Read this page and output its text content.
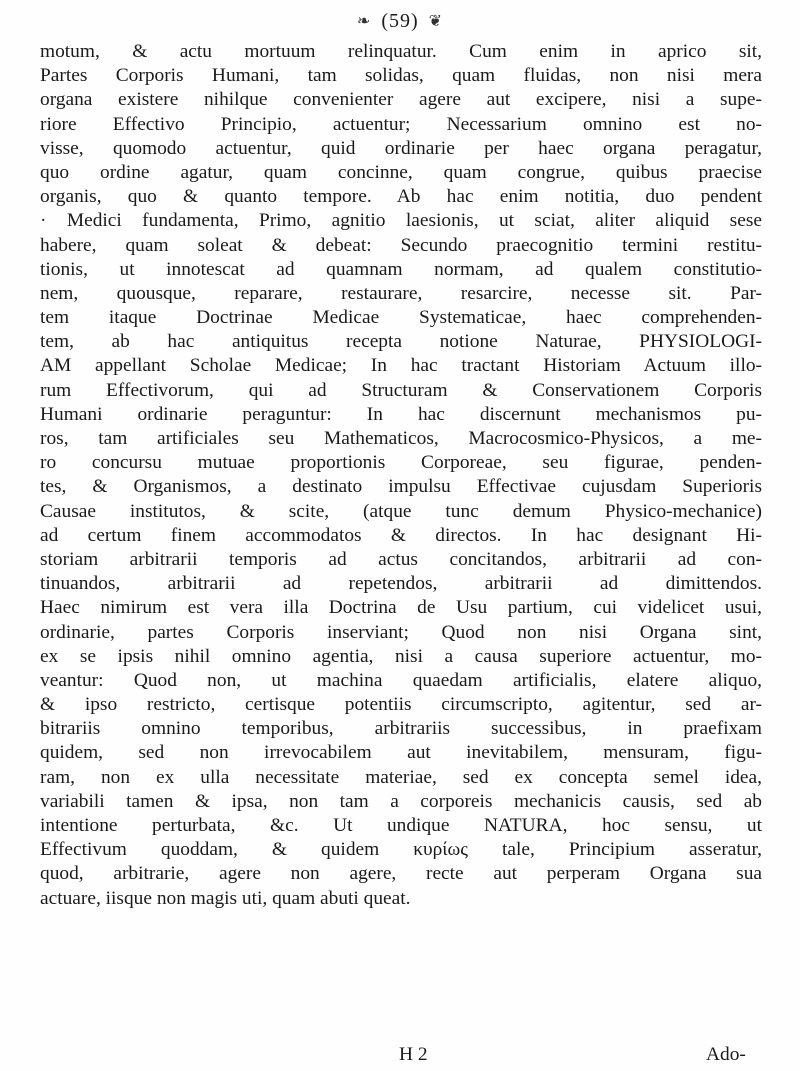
❧ (59) ❦
motum, & actu mortuum relinquatur. Cum enim in aprico sit,
Partes Corporis Humani, tam solidas, quam fluidas, non nisi mera
organa existere nihilque convenienter agere aut excipere, nisi a supe-
riore Effectivo Principio, actuentur; Necessarium omnino est no-
visse, quomodo actuentur, quid ordinarie per haec organa peragatur,
quo ordine agatur, quam concinne, quam congrue, quibus praecise
organis, quo & quanto tempore. Ab hac enim notitia, duo pendent
· Medici fundamenta, Primo, agnitio laesionis, ut sciat, aliter aliquid sese
habere, quam soleat & debeat: Secundo praecognitio termini restitu-
tionis, ut innotescat ad quamnam normam, ad qualem constitutio-
nem, quousque, reparare, restaurare, resarcire, necesse sit. Par-
tem itaque Doctrinae Medicae Systematicae, haec comprehenden-
tem, ab hac antiquitus recepta notione Naturae, PHYSIOLOGI-
AM appellant Scholae Medicae; In hac tractant Historiam Actuum illo-
rum Effectivorum, qui ad Structuram & Conservationem Corporis
Humani ordinarie peraguntur: In hac discernunt mechanismos pu-
ros, tam artificiales seu Mathematicos, Macrocosmico-Physicos, a me-
ro concursu mutuae proportionis Corporeae, seu figurae, penden-
tes, & Organismos, a destinato impulsu Effectivae cujusdam Superioris
Causae institutos, & scite, (atque tunc demum Physico-mechanice)
ad certum finem accommodatos & directos. In hac designant Hi-
storiam arbitrarii temporis ad actus concitandos, arbitrarii ad con-
tinuandos, arbitrarii ad repetendos, arbitrarii ad dimittendos.
Haec nimirum est vera illa Doctrina de Usu partium, cui videlicet usui,
ordinarie, partes Corporis inserviant; Quod non nisi Organa sint,
ex se ipsis nihil omnino agentia, nisi a causa superiore actuentur, mo-
veantur: Quod non, ut machina quaedam artificialis, elatere aliquo,
& ipso restricto, certisque potentiis circumscripto, agitentur, sed ar-
bitrariis omnino temporibus, arbitrariis successibus, in praefixam
quidem, sed non irrevocabilem aut inevitabilem, mensuram, figu-
ram, non ex ulla necessitate materiae, sed ex concepta semel idea,
variabili tamen & ipsa, non tam a corporeis mechanicis causis, sed ab
intentione perturbata, &c. Ut undique NATURA, hoc sensu, ut
Effectivum quoddam, & quidem κυρίως tale, Principium asseratur,
quod, arbitrarie, agere non agere, recte aut perperam Organa sua
actuare, iisque non magis uti, quam abuti queat.
H 2	Ado-
